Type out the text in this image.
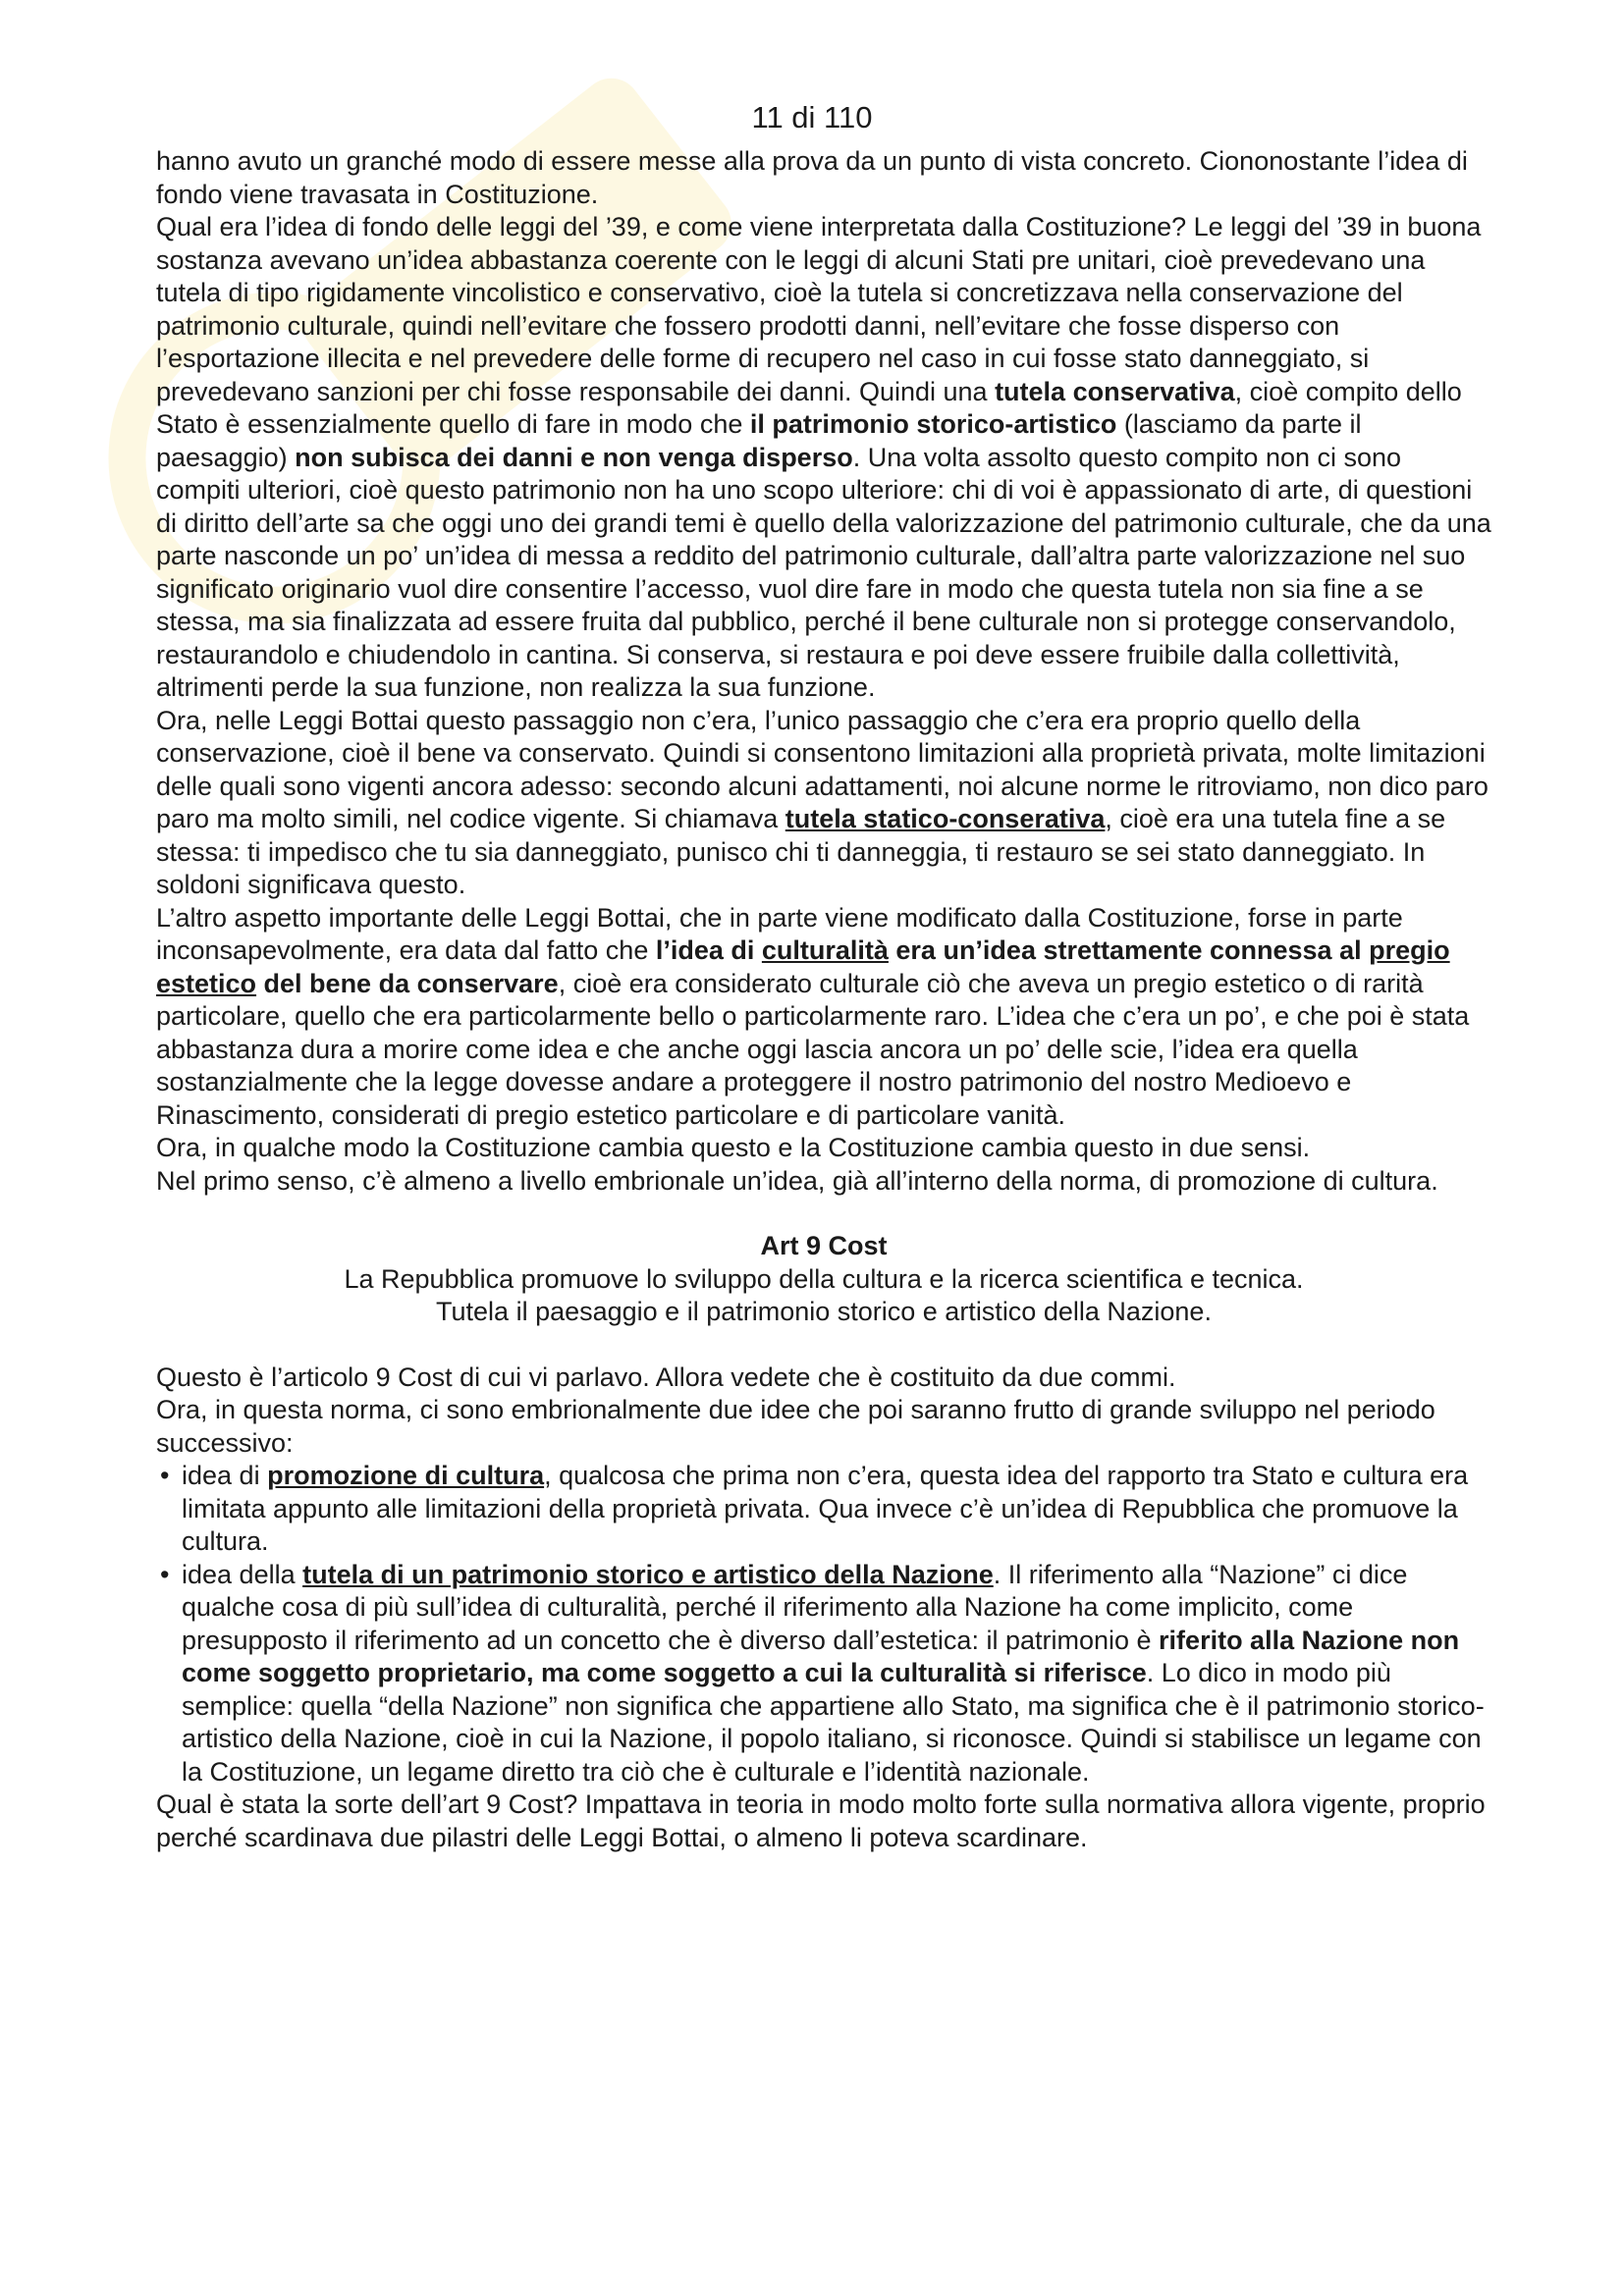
11 di 110

hanno avuto un granché modo di essere messe alla prova da un punto di vista concreto. Ciononostante l’idea di fondo viene travasata in Costituzione.

Qual era l’idea di fondo delle leggi del ’39, e come viene interpretata dalla Costituzione? Le leggi del ’39 in buona sostanza avevano un’idea abbastanza coerente con le leggi di alcuni Stati pre unitari, cioè prevedevano una tutela di tipo rigidamente vincolistico e conservativo, cioè la tutela si concretizzava nella conservazione del patrimonio culturale, quindi nell’evitare che fossero prodotti danni, nell’evitare che fosse disperso con l’esportazione illecita e nel prevedere delle forme di recupero nel caso in cui fosse stato danneggiato, si prevedevano sanzioni per chi fosse responsabile dei danni. Quindi una tutela conservativa, cioè compito dello Stato è essenzialmente quello di fare in modo che il patrimonio storico-artistico (lasciamo da parte il paesaggio) non subisca dei danni e non venga disperso. Una volta assolto questo compito non ci sono compiti ulteriori, cioè questo patrimonio non ha uno scopo ulteriore: chi di voi è appassionato di arte, di questioni di diritto dell’arte sa che oggi uno dei grandi temi è quello della valorizzazione del patrimonio culturale, che da una parte nasconde un po’ un’idea di messa a reddito del patrimonio culturale, dall’altra parte valorizzazione nel suo significato originario vuol dire consentire l’accesso, vuol dire fare in modo che questa tutela non sia fine a se stessa, ma sia finalizzata ad essere fruita dal pubblico, perché il bene culturale non si protegge conservandolo, restaurandolo e chiudendolo in cantina. Si conserva, si restaura e poi deve essere fruibile dalla collettività, altrimenti perde la sua funzione, non realizza la sua funzione.

Ora, nelle Leggi Bottai questo passaggio non c’era, l’unico passaggio che c’era era proprio quello della conservazione, cioè il bene va conservato. Quindi si consentono limitazioni alla proprietà privata, molte limitazioni delle quali sono vigenti ancora adesso: secondo alcuni adattamenti, noi alcune norme le ritroviamo, non dico paro paro ma molto simili, nel codice vigente. Si chiamava tutela statico-conserativa, cioè era una tutela fine a se stessa: ti impedisco che tu sia danneggiato, punisco chi ti danneggia, ti restauro se sei stato danneggiato. In soldoni significava questo.

L’altro aspetto importante delle Leggi Bottai, che in parte viene modificato dalla Costituzione, forse in parte inconsapevolmente, era data dal fatto che l’idea di culturalità era un’idea strettamente connessa al pregio estetico del bene da conservare, cioè era considerato culturale ciò che aveva un pregio estetico o di rarità particolare, quello che era particolarmente bello o particolarmente raro. L’idea che c’era un po’, e che poi è stata abbastanza dura a morire come idea e che anche oggi lascia ancora un po’ delle scie, l’idea era quella sostanzialmente che la legge dovesse andare a proteggere il nostro patrimonio del nostro Medioevo e Rinascimento, considerati di pregio estetico particolare e di particolare vanità.

Ora, in qualche modo la Costituzione cambia questo e la Costituzione cambia questo in due sensi.

Nel primo senso, c’è almeno a livello embrionale un’idea, già all’interno della norma, di promozione di cultura.

Art 9 Cost

La Repubblica promuove lo sviluppo della cultura e la ricerca scientifica e tecnica.

Tutela il paesaggio e il patrimonio storico e artistico della Nazione.

Questo è l’articolo 9 Cost di cui vi parlavo. Allora vedete che è costituito da due commi.

Ora, in questa norma, ci sono embrionalmente due idee che poi saranno frutto di grande sviluppo nel periodo successivo:

• idea di promozione di cultura, qualcosa che prima non c’era, questa idea del rapporto tra Stato e cultura era limitata appunto alle limitazioni della proprietà privata. Qua invece c’è un’idea di Repubblica che promuove la cultura.
• idea della tutela di un patrimonio storico e artistico della Nazione. Il riferimento alla “Nazione” ci dice qualche cosa di più sull’idea di culturalità, perché il riferimento alla Nazione ha come implicito, come presupposto il riferimento ad un concetto che è diverso dall’estetica: il patrimonio è riferito alla Nazione non come soggetto proprietario, ma come soggetto a cui la culturalità si riferisce. Lo dico in modo più semplice: quella “della Nazione” non significa che appartiene allo Stato, ma significa che è il patrimonio storico-artistico della Nazione, cioè in cui la Nazione, il popolo italiano, si riconosce. Quindi si stabilisce un legame con la Costituzione, un legame diretto tra ciò che è culturale e l’identità nazionale.

Qual è stata la sorte dell’art 9 Cost? Impattava in teoria in modo molto forte sulla normativa allora vigente, proprio perché scardinava due pilastri delle Leggi Bottai, o almeno li poteva scardinare.
